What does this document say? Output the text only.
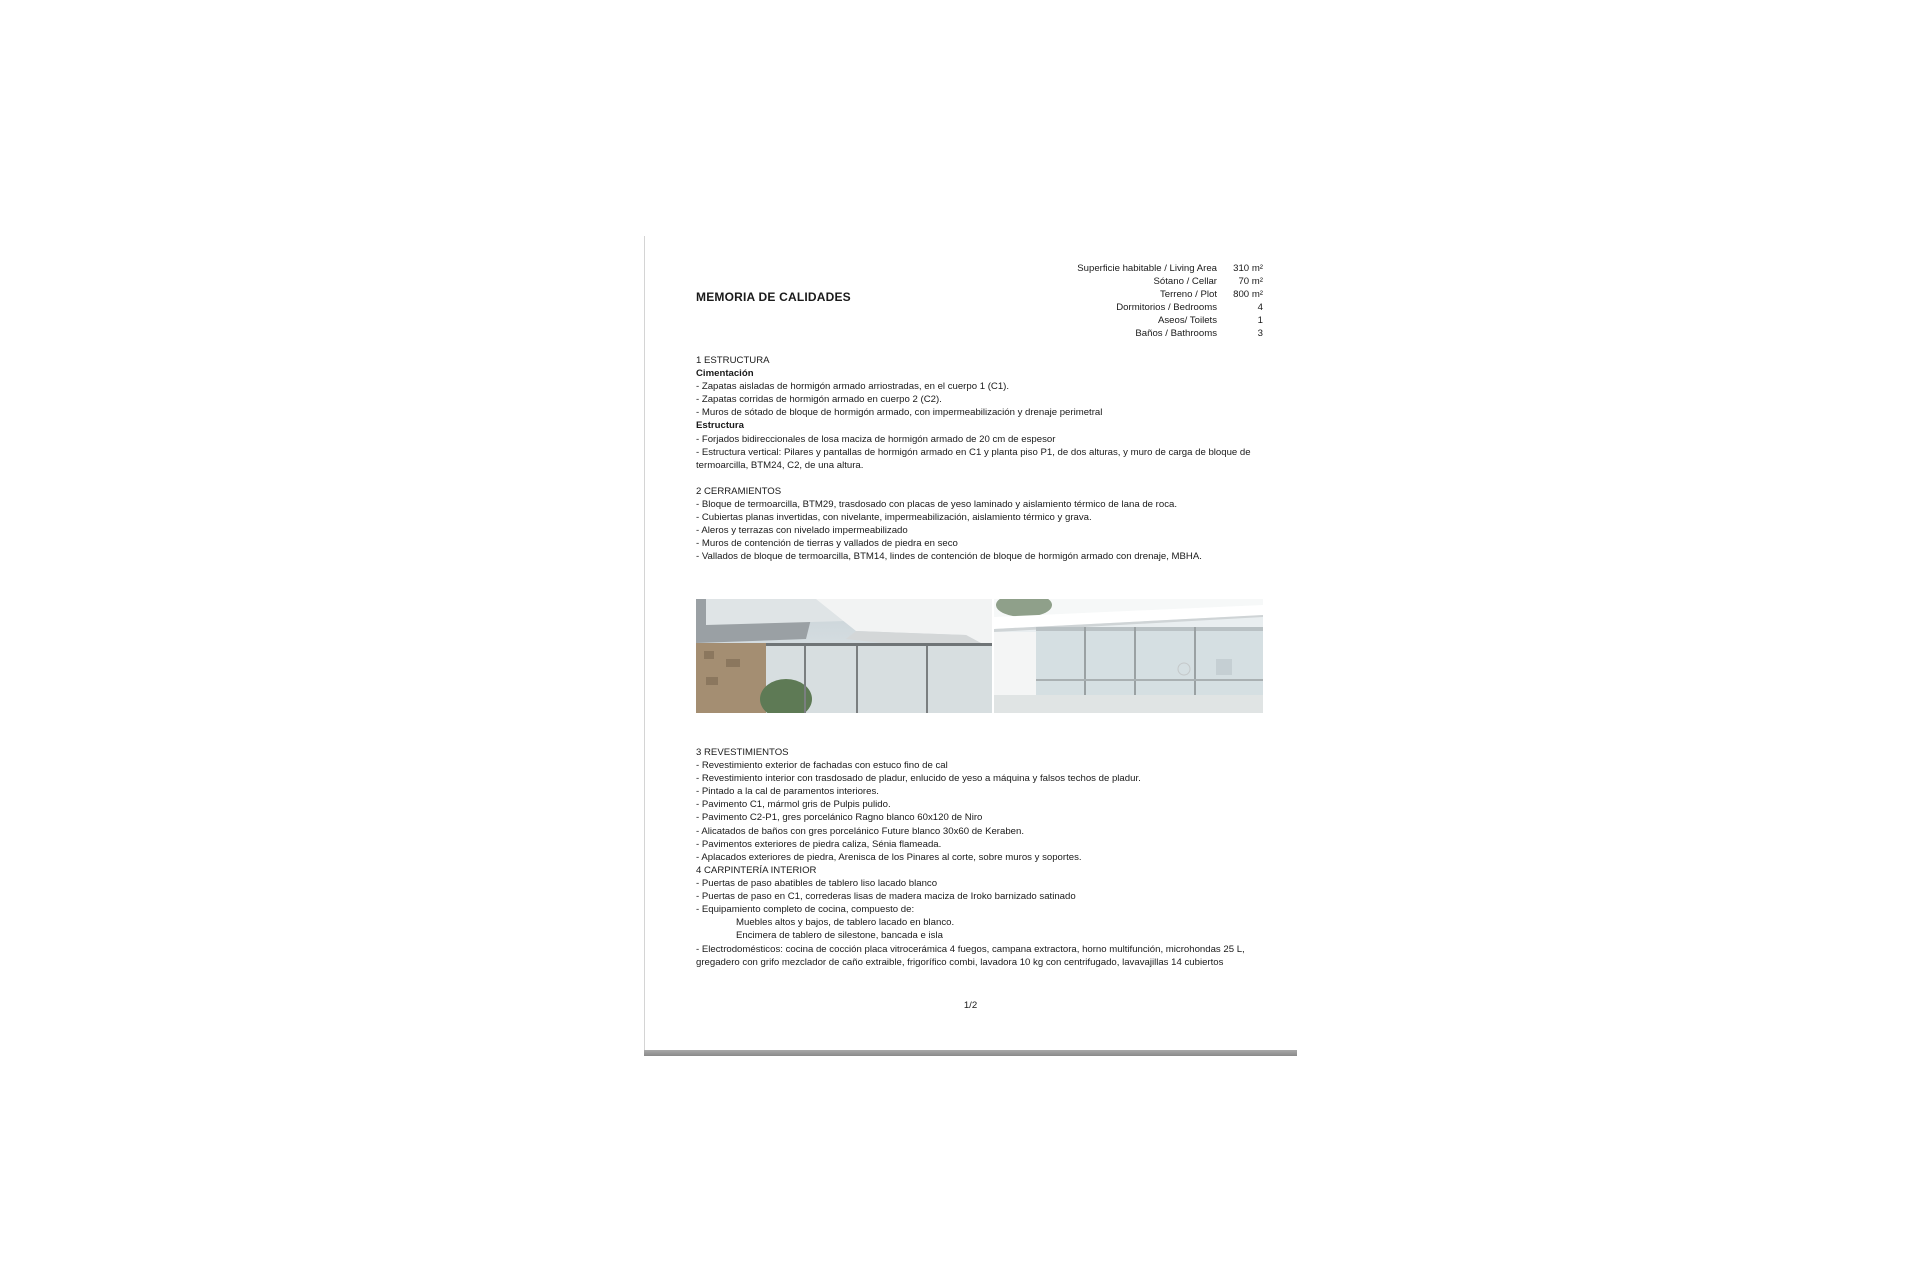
MEMORIA DE CALIDADES
Superficie habitable / Living Area	310 m²
Sótano / Cellar	70 m²
Terreno / Plot	800 m²
Dormitorios / Bedrooms	4
Aseos/ Toilets	1
Baños / Bathrooms	3
1 ESTRUCTURA
Cimentación
- Zapatas aisladas de hormigón armado arriostradas, en el cuerpo 1 (C1).
- Zapatas corridas de hormigón armado en cuerpo 2 (C2).
- Muros de sótado de bloque de hormigón armado, con impermeabilización y drenaje perimetral
Estructura
- Forjados bidireccionales de losa maciza de hormigón armado de 20 cm de espesor
- Estructura vertical: Pilares y pantallas de hormigón armado en C1 y planta piso P1, de dos alturas, y muro de carga de bloque de termoarcilla, BTM24, C2, de una altura.
2 CERRAMIENTOS
- Bloque de termoarcilla, BTM29, trasdosado con placas de yeso laminado y aislamiento térmico de lana de roca.
- Cubiertas planas invertidas, con nivelante, impermeabilización, aislamiento térmico y grava.
- Aleros y terrazas con nivelado impermeabilizado
- Muros de contención de tierras y vallados de piedra en seco
- Vallados de bloque de termoarcilla, BTM14, lindes de contención de bloque de hormigón armado con drenaje, MBHA.
3 REVESTIMIENTOS
- Revestimiento exterior de fachadas con estuco fino de cal
- Revestimiento interior con trasdosado de pladur, enlucido de yeso a máquina y falsos techos de pladur.
- Pintado a la cal de paramentos interiores.
- Pavimento C1, mármol gris de Pulpis pulido.
- Pavimento C2-P1, gres porcelánico Ragno blanco 60x120 de Niro
- Alicatados de baños con gres porcelánico Future blanco 30x60 de Keraben.
- Pavimentos exteriores de piedra caliza, Sénia flameada.
- Aplacados exteriores de piedra, Arenisca de los Pinares al corte, sobre muros y soportes.
4 CARPINTERÍA INTERIOR
- Puertas de paso abatibles de tablero liso lacado blanco
- Puertas de paso en C1, correderas lisas de madera maciza de Iroko barnizado satinado
- Equipamiento completo de cocina, compuesto de:
Muebles altos y bajos, de tablero lacado en blanco.
Encimera de tablero de silestone, bancada e isla
- Electrodomésticos: cocina de cocción placa vitrocerámica 4 fuegos, campana extractora, horno multifunción, microhondas 25 L, gregadero con grifo mezclador de caño extraible, frigorífico combi, lavadora 10 kg con centrifugado, lavavajillas 14 cubiertos
1/2
